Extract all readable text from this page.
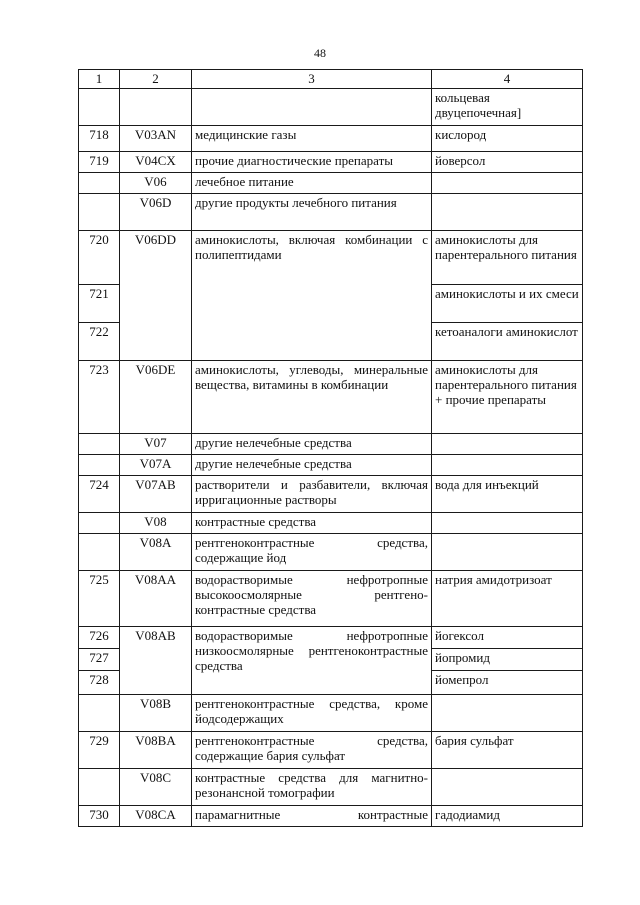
48
1	2	3	4
			кольцевая двуцепочечная]
718	V03AN	медицинские газы	кислород
719	V04CX	прочие диагностические препараты	йоверсол
	V06	лечебное питание	
	V06D	другие продукты лечебного питания	
720	V06DD	аминокислоты, включая комбинации с полипептидами	аминокислоты для парентерального питания
721			аминокислоты и их смеси
722			кетоаналоги аминокислот
723	V06DE	аминокислоты, углеводы, минеральные вещества, витамины в комбинации	аминокислоты для парентерального питания + прочие препараты
	V07	другие нелечебные средства	
	V07A	другие нелечебные средства	
724	V07AB	растворители и разбавители, включая ирригационные растворы	вода для инъекций
	V08	контрастные средства	
	V08A	рентгеноконтрастные средства, содержащие йод	
725	V08AA	водорастворимые нефротропные высокоосмолярные рентгено-контрастные средства	натрия амидотризоат
726	V08AB	водорастворимые нефротропные низкоосмолярные рентгеноконтрастные средства	йогексол
727			йопромид
728			йомепрол
	V08B	рентгеноконтрастные средства, кроме йодсодержащих	
729	V08BA	рентгеноконтрастные средства, содержащие бария сульфат	бария сульфат
	V08C	контрастные средства для магнитно-резонансной томографии	
730	V08CA	парамагнитные контрастные	гадодиамид
